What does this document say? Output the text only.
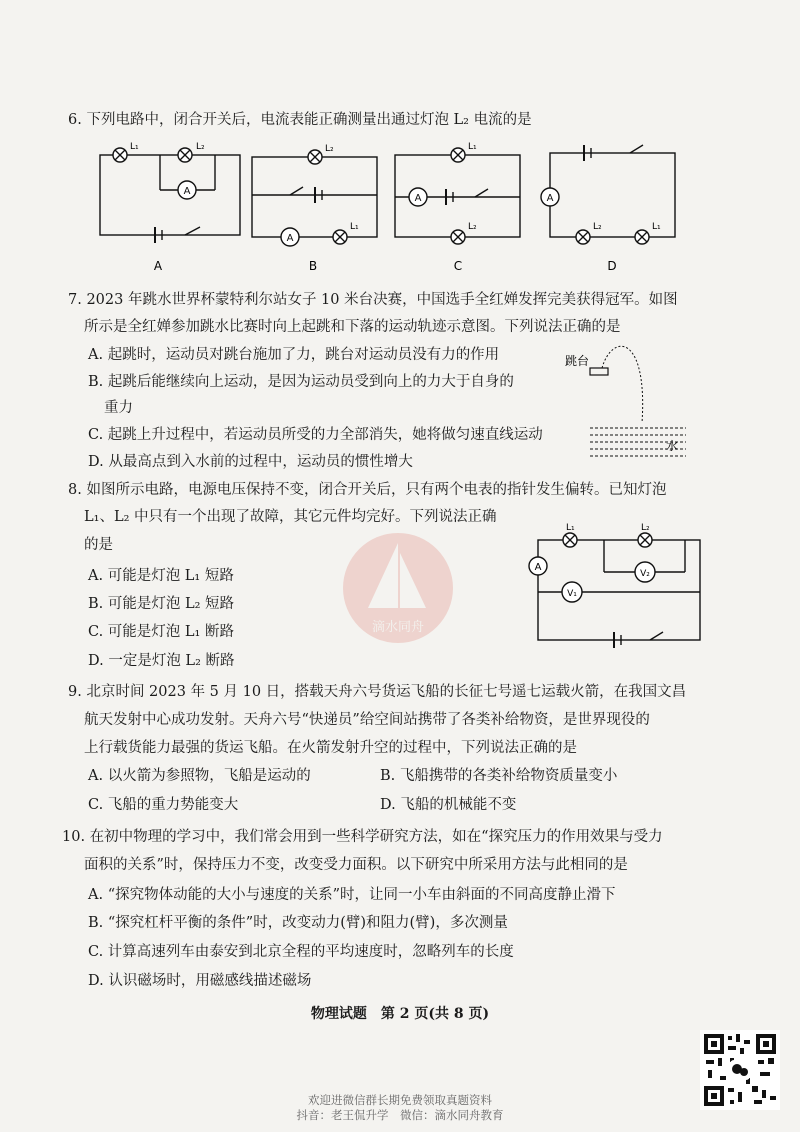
6. 下列电路中，闭合开关后，电流表能正确测量出通过灯泡 L₂ 电流的是
A
L₁	L₂	L₂
L₁
L₁
L₂	L₂	L₁
A	B	C	D
7. 2023 年跳水世界杯蒙特利尔站女子 10 米台决赛，中国选手全红婵发挥完美获得冠军。如图
所示是全红婵参加跳水比赛时向上起跳和下落的运动轨迹示意图。下列说法正确的是
A. 起跳时，运动员对跳台施加了力，跳台对运动员没有力的作用
B. 起跳后能继续向上运动，是因为运动员受到向上的力大于自身的
重力
C. 起跳上升过程中，若运动员所受的力全部消失，她将做匀速直线运动
D. 从最高点到入水前的过程中，运动员的惯性增大
跳台
水
8. 如图所示电路，电源电压保持不变，闭合开关后，只有两个电表的指针发生偏转。已知灯泡
L₁、L₂ 中只有一个出现了故障，其它元件均完好。下列说法正确
的是
A. 可能是灯泡 L₁ 短路
B. 可能是灯泡 L₂ 短路
C. 可能是灯泡 L₁ 断路
D. 一定是灯泡 L₂ 断路
滴水同舟
L₁	L₂
A
V₂
V₁
9. 北京时间 2023 年 5 月 10 日，搭载天舟六号货运飞船的长征七号遥七运载火箭，在我国文昌
航天发射中心成功发射。天舟六号“快递员”给空间站携带了各类补给物资，是世界现役的
上行载货能力最强的货运飞船。在火箭发射升空的过程中，下列说法正确的是
A. 以火箭为参照物，飞船是运动的	B. 飞船携带的各类补给物资质量变小
C. 飞船的重力势能变大	D. 飞船的机械能不变
10. 在初中物理的学习中，我们常会用到一些科学研究方法，如在“探究压力的作用效果与受力
面积的关系”时，保持压力不变，改变受力面积。以下研究中所采用方法与此相同的是
A. “探究物体动能的大小与速度的关系”时，让同一小车由斜面的不同高度静止滑下
B. “探究杠杆平衡的条件”时，改变动力(臂)和阻力(臂)，多次测量
C. 计算高速列车由泰安到北京全程的平均速度时，忽略列车的长度
D. 认识磁场时，用磁感线描述磁场
物理试题　第 2 页(共 8 页)
欢迎进微信群长期免费领取真题资料
抖音：老王侃升学　微信：滴水同舟教育
